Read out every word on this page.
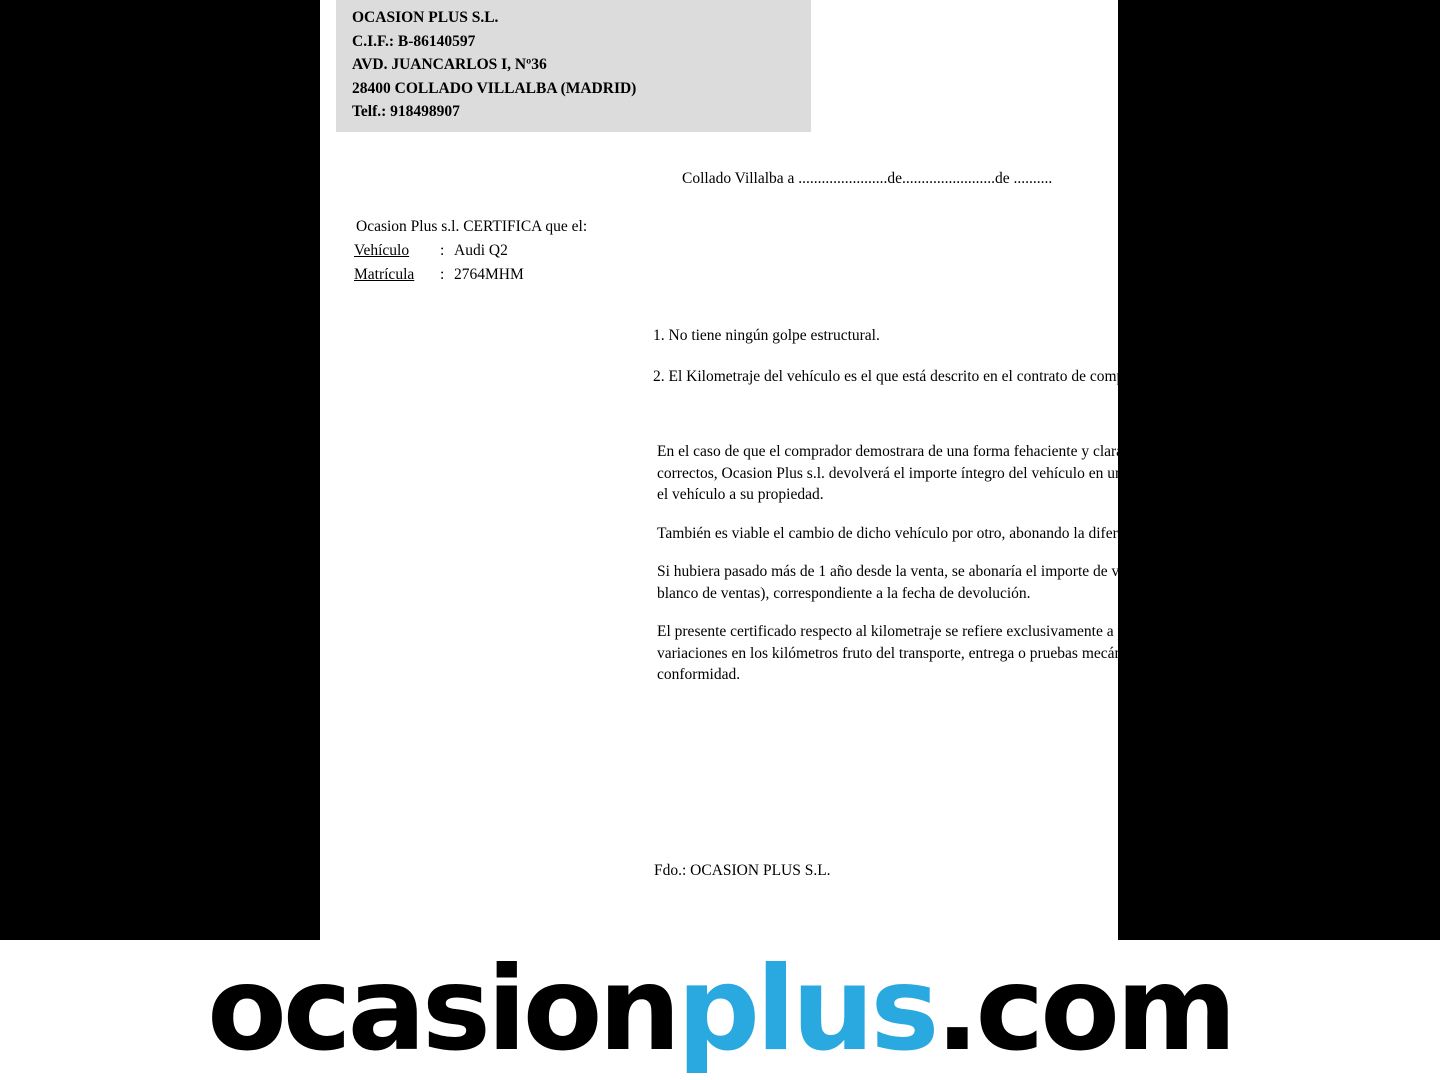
OCASION PLUS S.L.
C.I.F.: B-86140597
AVD. JUANCARLOS I, Nº36
28400 COLLADO VILLALBA (MADRID)
Telf.: 918498907
Collado Villalba a .......................de........................de ..........
Ocasion Plus s.l. CERTIFICA que el:
Vehículo	: Audi Q2
Matrícula	: 2764MHM
1. No tiene ningún golpe estructural.
2. El Kilometraje del vehículo es el que está descrito en el contrato de compra-venta y garantía.

En el caso de que el comprador demostrara de una forma fehaciente y clara que alguno de estos dos puntos no son correctos, Ocasion Plus s.l. devolverá el importe íntegro del vehículo en un plazo máximo de 48 horas, pasando de nuevo el vehículo a su propiedad.

También es viable el cambio de dicho vehículo por otro, abonando la diferencia existente.

Si hubiera pasado más de 1 año desde la venta, se abonaría el importe de venta en el libro de tasaciones GANVAM (libro blanco de ventas), correspondiente a la fecha de devolución.

El presente certificado respecto al kilometraje se refiere exclusivamente a posibles manipulaciones en el odómetro, las variaciones en los kilómetros fruto del transporte, entrega o pruebas mecánicas del vehículo no se considerarán faltas de conformidad.

Fdo.: OCASION PLUS S.L.
ocasionplus.com
